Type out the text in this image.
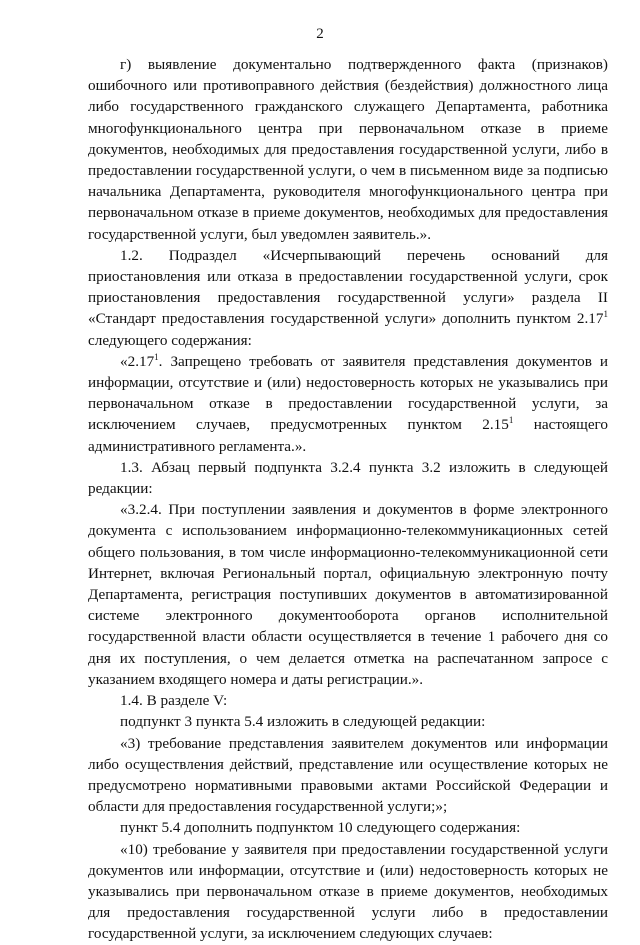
2

г) выявление документально подтвержденного факта (признаков) ошибочного или противоправного действия (бездействия) должностного лица либо государственного гражданского служащего Департамента, работника многофункционального центра при первоначальном отказе в приеме документов, необходимых для предоставления государственной услуги, либо в предоставлении государственной услуги, о чем в письменном виде за подписью начальника Департамента, руководителя многофункционального центра при первоначальном отказе в приеме документов, необходимых для предоставления государственной услуги, был уведомлен заявитель.».

1.2. Подраздел «Исчерпывающий перечень оснований для приостановления или отказа в предоставлении государственной услуги, срок приостановления предоставления государственной услуги» раздела II «Стандарт предоставления государственной услуги» дополнить пунктом 2.17$^1$ следующего содержания:

«2.17$^1$. Запрещено требовать от заявителя представления документов и информации, отсутствие и (или) недостоверность которых не указывались при первоначальном отказе в предоставлении государственной услуги, за исключением случаев, предусмотренных пунктом 2.15$^1$ настоящего административного регламента.».

1.3. Абзац первый подпункта 3.2.4 пункта 3.2 изложить в следующей редакции:

«3.2.4. При поступлении заявления и документов в форме электронного документа с использованием информационно-телекоммуникационных сетей общего пользования, в том числе информационно-телекоммуникационной сети Интернет, включая Региональный портал, официальную электронную почту Департамента, регистрация поступивших документов в автоматизированной системе электронного документооборота органов исполнительной государственной власти области осуществляется в течение 1 рабочего дня со дня их поступления, о чем делается отметка на распечатанном запросе с указанием входящего номера и даты регистрации.».

1.4. В разделе V:

подпункт 3 пункта 5.4 изложить в следующей редакции:

«3) требование представления заявителем документов или информации либо осуществления действий, представление или осуществление которых не предусмотрено нормативными правовыми актами Российской Федерации и области для предоставления государственной услуги;»;

пункт 5.4 дополнить подпунктом 10 следующего содержания:

«10) требование у заявителя при предоставлении государственной услуги документов или информации, отсутствие и (или) недостоверность которых не указывались при первоначальном отказе в приеме документов, необходимых для предоставления государственной услуги либо в предоставлении государственной услуги, за исключением следующих случаев:
